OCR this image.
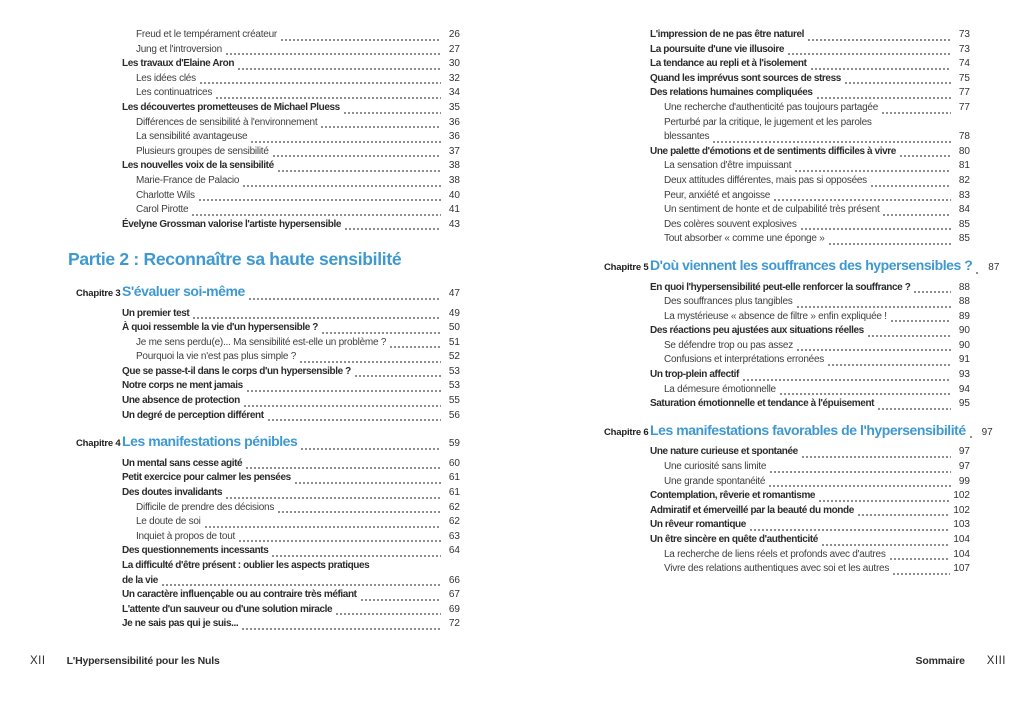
Freud et le tempérament créateur	26
Jung et l'introversion	27
Les travaux d'Elaine Aron	30
Les idées clés	32
Les continuatrices	34
Les découvertes prometteuses de Michael Pluess	35
Différences de sensibilité à l'environnement	36
La sensibilité avantageuse	36
Plusieurs groupes de sensibilité	37
Les nouvelles voix de la sensibilité	38
Marie-France de Palacio	38
Charlotte Wils	40
Carol Pirotte	41
Évelyne Grossman valorise l'artiste hypersensible	43
Partie 2 : Reconnaître sa haute sensibilité
Chapitre 3 S'évaluer soi-même	47
Un premier test	49
À quoi ressemble la vie d'un hypersensible ?	50
Je me sens perdu(e)... Ma sensibilité est-elle un problème ?	51
Pourquoi la vie n'est pas plus simple ?	52
Que se passe-t-il dans le corps d'un hypersensible ?	53
Notre corps ne ment jamais	53
Une absence de protection	55
Un degré de perception différent	56
Chapitre 4 Les manifestations pénibles	59
Un mental sans cesse agité	60
Petit exercice pour calmer les pensées	61
Des doutes invalidants	61
Difficile de prendre des décisions	62
Le doute de soi	62
Inquiet à propos de tout	63
Des questionnements incessants	64
La difficulté d'être présent : oublier les aspects pratiques
de la vie	66
Un caractère influençable ou au contraire très méfiant	67
L'attente d'un sauveur ou d'une solution miracle	69
Je ne sais pas qui je suis...	72
L'impression de ne pas être naturel	73
La poursuite d'une vie illusoire	73
La tendance au repli et à l'isolement	74
Quand les imprévus sont sources de stress	75
Des relations humaines compliquées	77
Une recherche d'authenticité pas toujours partagée	77
Perturbé par la critique, le jugement et les paroles
blessantes	78
Une palette d'émotions et de sentiments difficiles à vivre	80
La sensation d'être impuissant	81
Deux attitudes différentes, mais pas si opposées	82
Peur, anxiété et angoisse	83
Un sentiment de honte et de culpabilité très présent	84
Des colères souvent explosives	85
Tout absorber « comme une éponge »	85
Chapitre 5 D'où viennent les souffrances des hypersensibles ?	87
En quoi l'hypersensibilité peut-elle renforcer la souffrance ?	88
Des souffrances plus tangibles	88
La mystérieuse « absence de filtre » enfin expliquée !	89
Des réactions peu ajustées aux situations réelles	90
Se défendre trop ou pas assez	90
Confusions et interprétations erronées	91
Un trop-plein affectif	93
La démesure émotionnelle	94
Saturation émotionnelle et tendance à l'épuisement	95
Chapitre 6 Les manifestations favorables de l'hypersensibilité	97
Une nature curieuse et spontanée	97
Une curiosité sans limite	97
Une grande spontanéité	99
Contemplation, rêverie et romantisme	102
Admiratif et émerveillé par la beauté du monde	102
Un rêveur romantique	103
Un être sincère en quête d'authenticité	104
La recherche de liens réels et profonds avec d'autres	104
Vivre des relations authentiques avec soi et les autres	107
XII L'Hypersensibilité pour les Nuls	Sommaire XIII
